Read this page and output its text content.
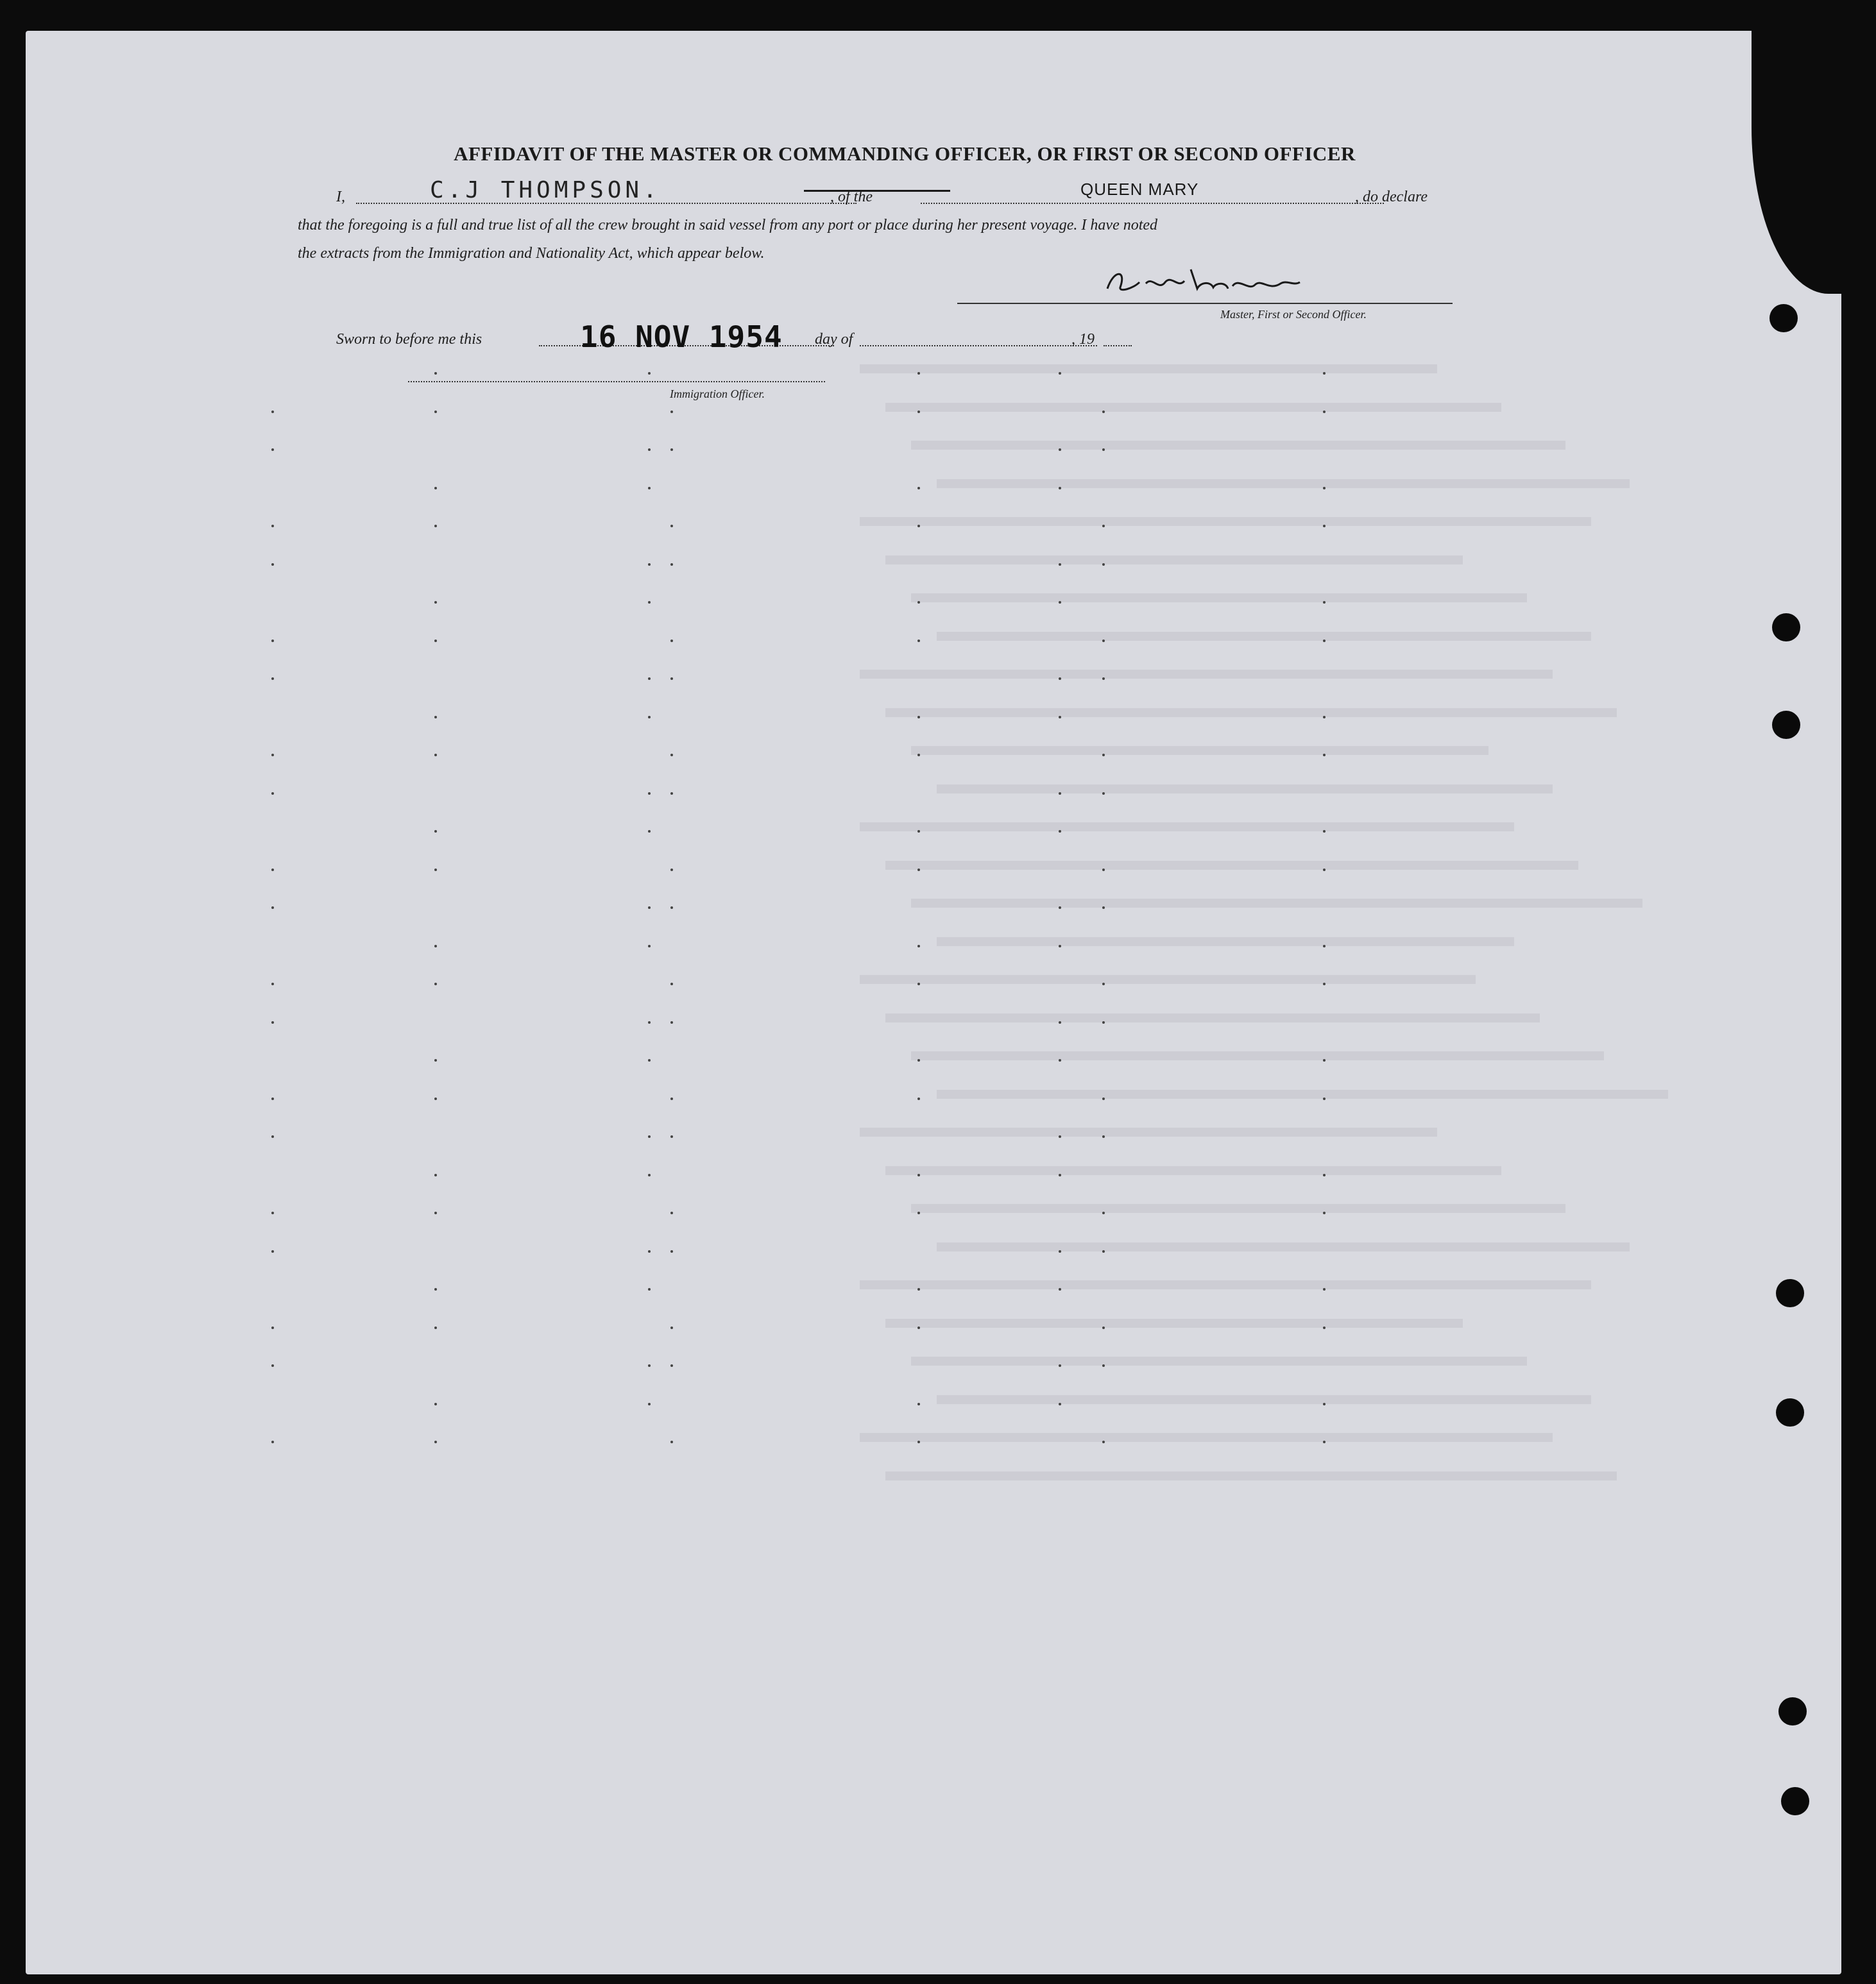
AFFIDAVIT OF THE MASTER OR COMMANDING OFFICER, OR FIRST OR SECOND OFFICER
I,	C.J THOMPSON.	, of the	QUEEN MARY	, do declare
that the foregoing is a full and true list of all the crew brought in said vessel from any port or place during her present voyage. I have noted
the extracts from the Immigration and Nationality Act, which appear below.
Master, First or Second Officer.
Sworn to before me this	16 NOV 1954 day of	, 19
Immigration Officer.
